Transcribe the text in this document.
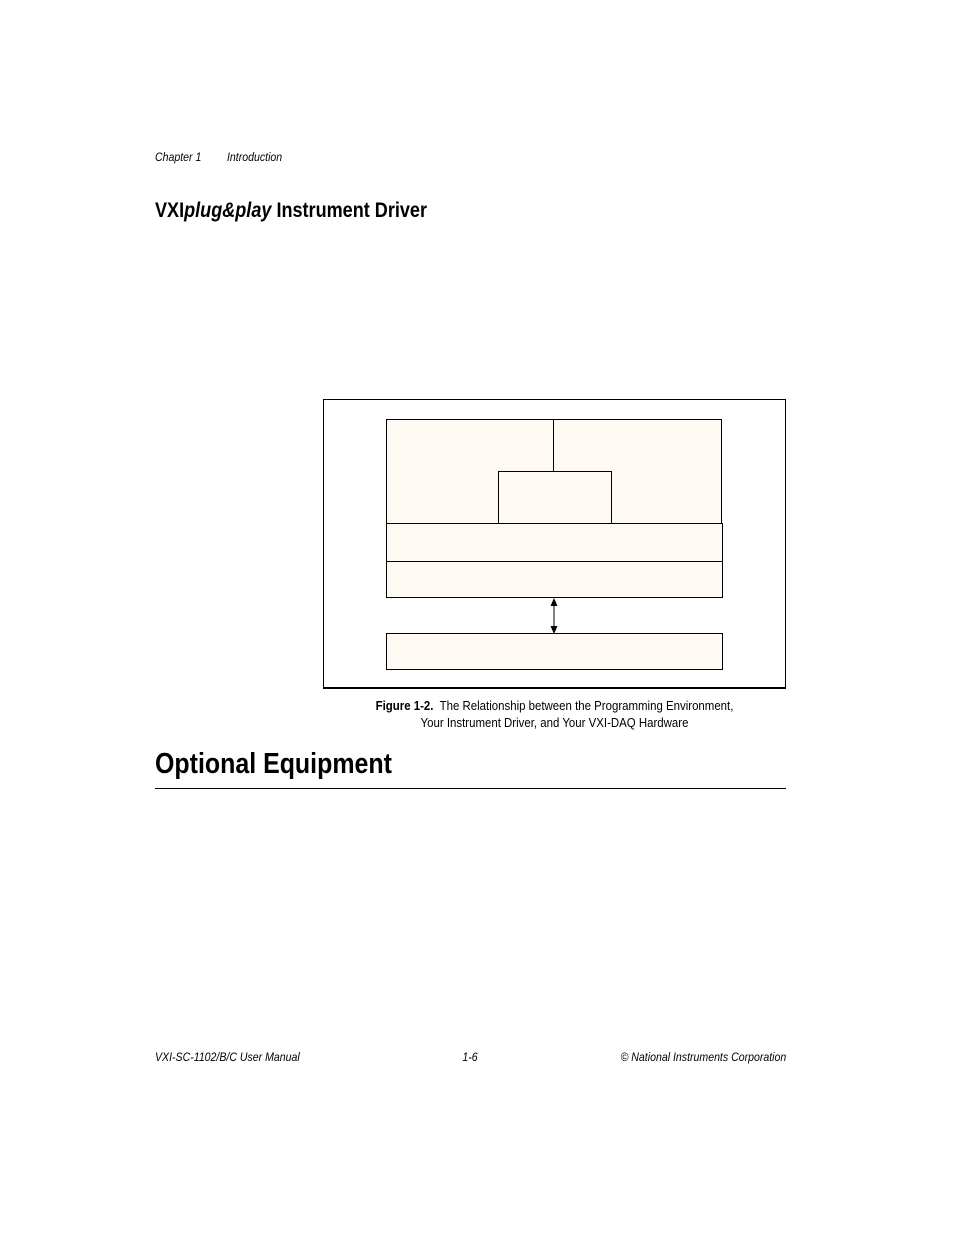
Chapter 1 Introduction
VXIplug&play Instrument Driver
Figure 1-2. The Relationship between the Programming Environment,
Your Instrument Driver, and Your VXI-DAQ Hardware
Optional Equipment
VXI-SC-1102/B/C User Manual	1-6	© National Instruments Corporation
